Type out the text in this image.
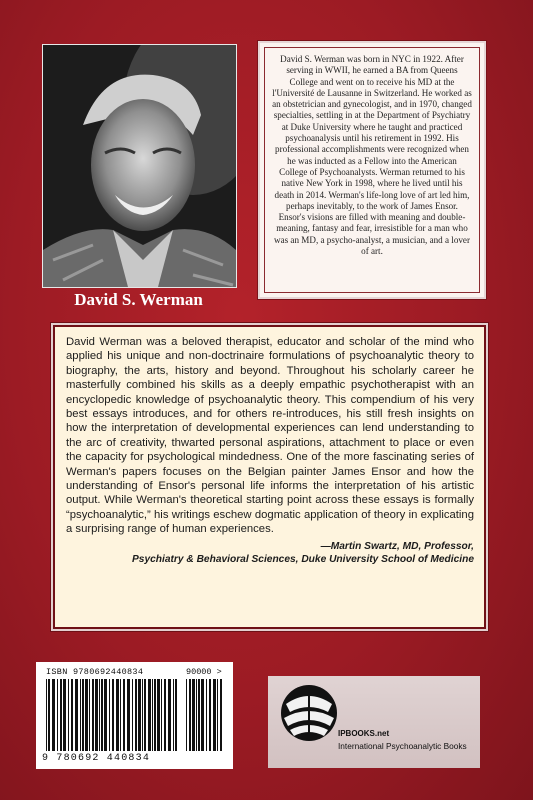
David S. Werman

David S. Werman was born in NYC in 1922. After serving in WWII, he earned a BA from Queens College and went on to receive his MD at the l'Université de Lausanne in Switzerland. He worked as an obstetrician and gynecologist, and in 1970, changed specialties, settling in at the Department of Psychiatry at Duke University where he taught and practiced psychoanalysis until his retirement in 1992. His professional accomplishments were recognized when he was inducted as a Fellow into the American College of Psychoanalysts. Werman returned to his native New York in 1998, where he lived until his death in 2014. Werman's life-long love of art led him, perhaps inevitably, to the work of James Ensor. Ensor's visions are filled with meaning and double-meaning, fantasy and fear, irresistible for a man who was an MD, a psycho-analyst, a musician, and a lover of art.

David Werman was a beloved therapist, educator and scholar of the mind who applied his unique and non-doctrinaire formulations of psychoanalytic theory to biography, the arts, history and beyond. Throughout his scholarly career he masterfully combined his skills as a deeply empathic psychotherapist with an encyclopedic knowledge of psychoanalytic theory. This compendium of his very best essays introduces, and for others re-introduces, his still fresh insights on how the interpretation of developmental experiences can lend understanding to the arc of creativity, thwarted personal aspirations, attachment to place or even the capacity for psychological mindedness. One of the more fascinating series of Werman's papers focuses on the Belgian painter James Ensor and how the understanding of Ensor's personal life informs the interpretation of his artistic output. While Werman's theoretical starting point across these essays is formally “psychoanalytic,” his writings eschew dogmatic application of theory in explicating a surprising range of human experiences.

—Martin Swartz, MD, Professor,
Psychiatry & Behavioral Sciences, Duke University School of Medicine
ISBN 9780692440834	90000 >
9 780692 440834
IPBOOKS.net
International Psychoanalytic Books
